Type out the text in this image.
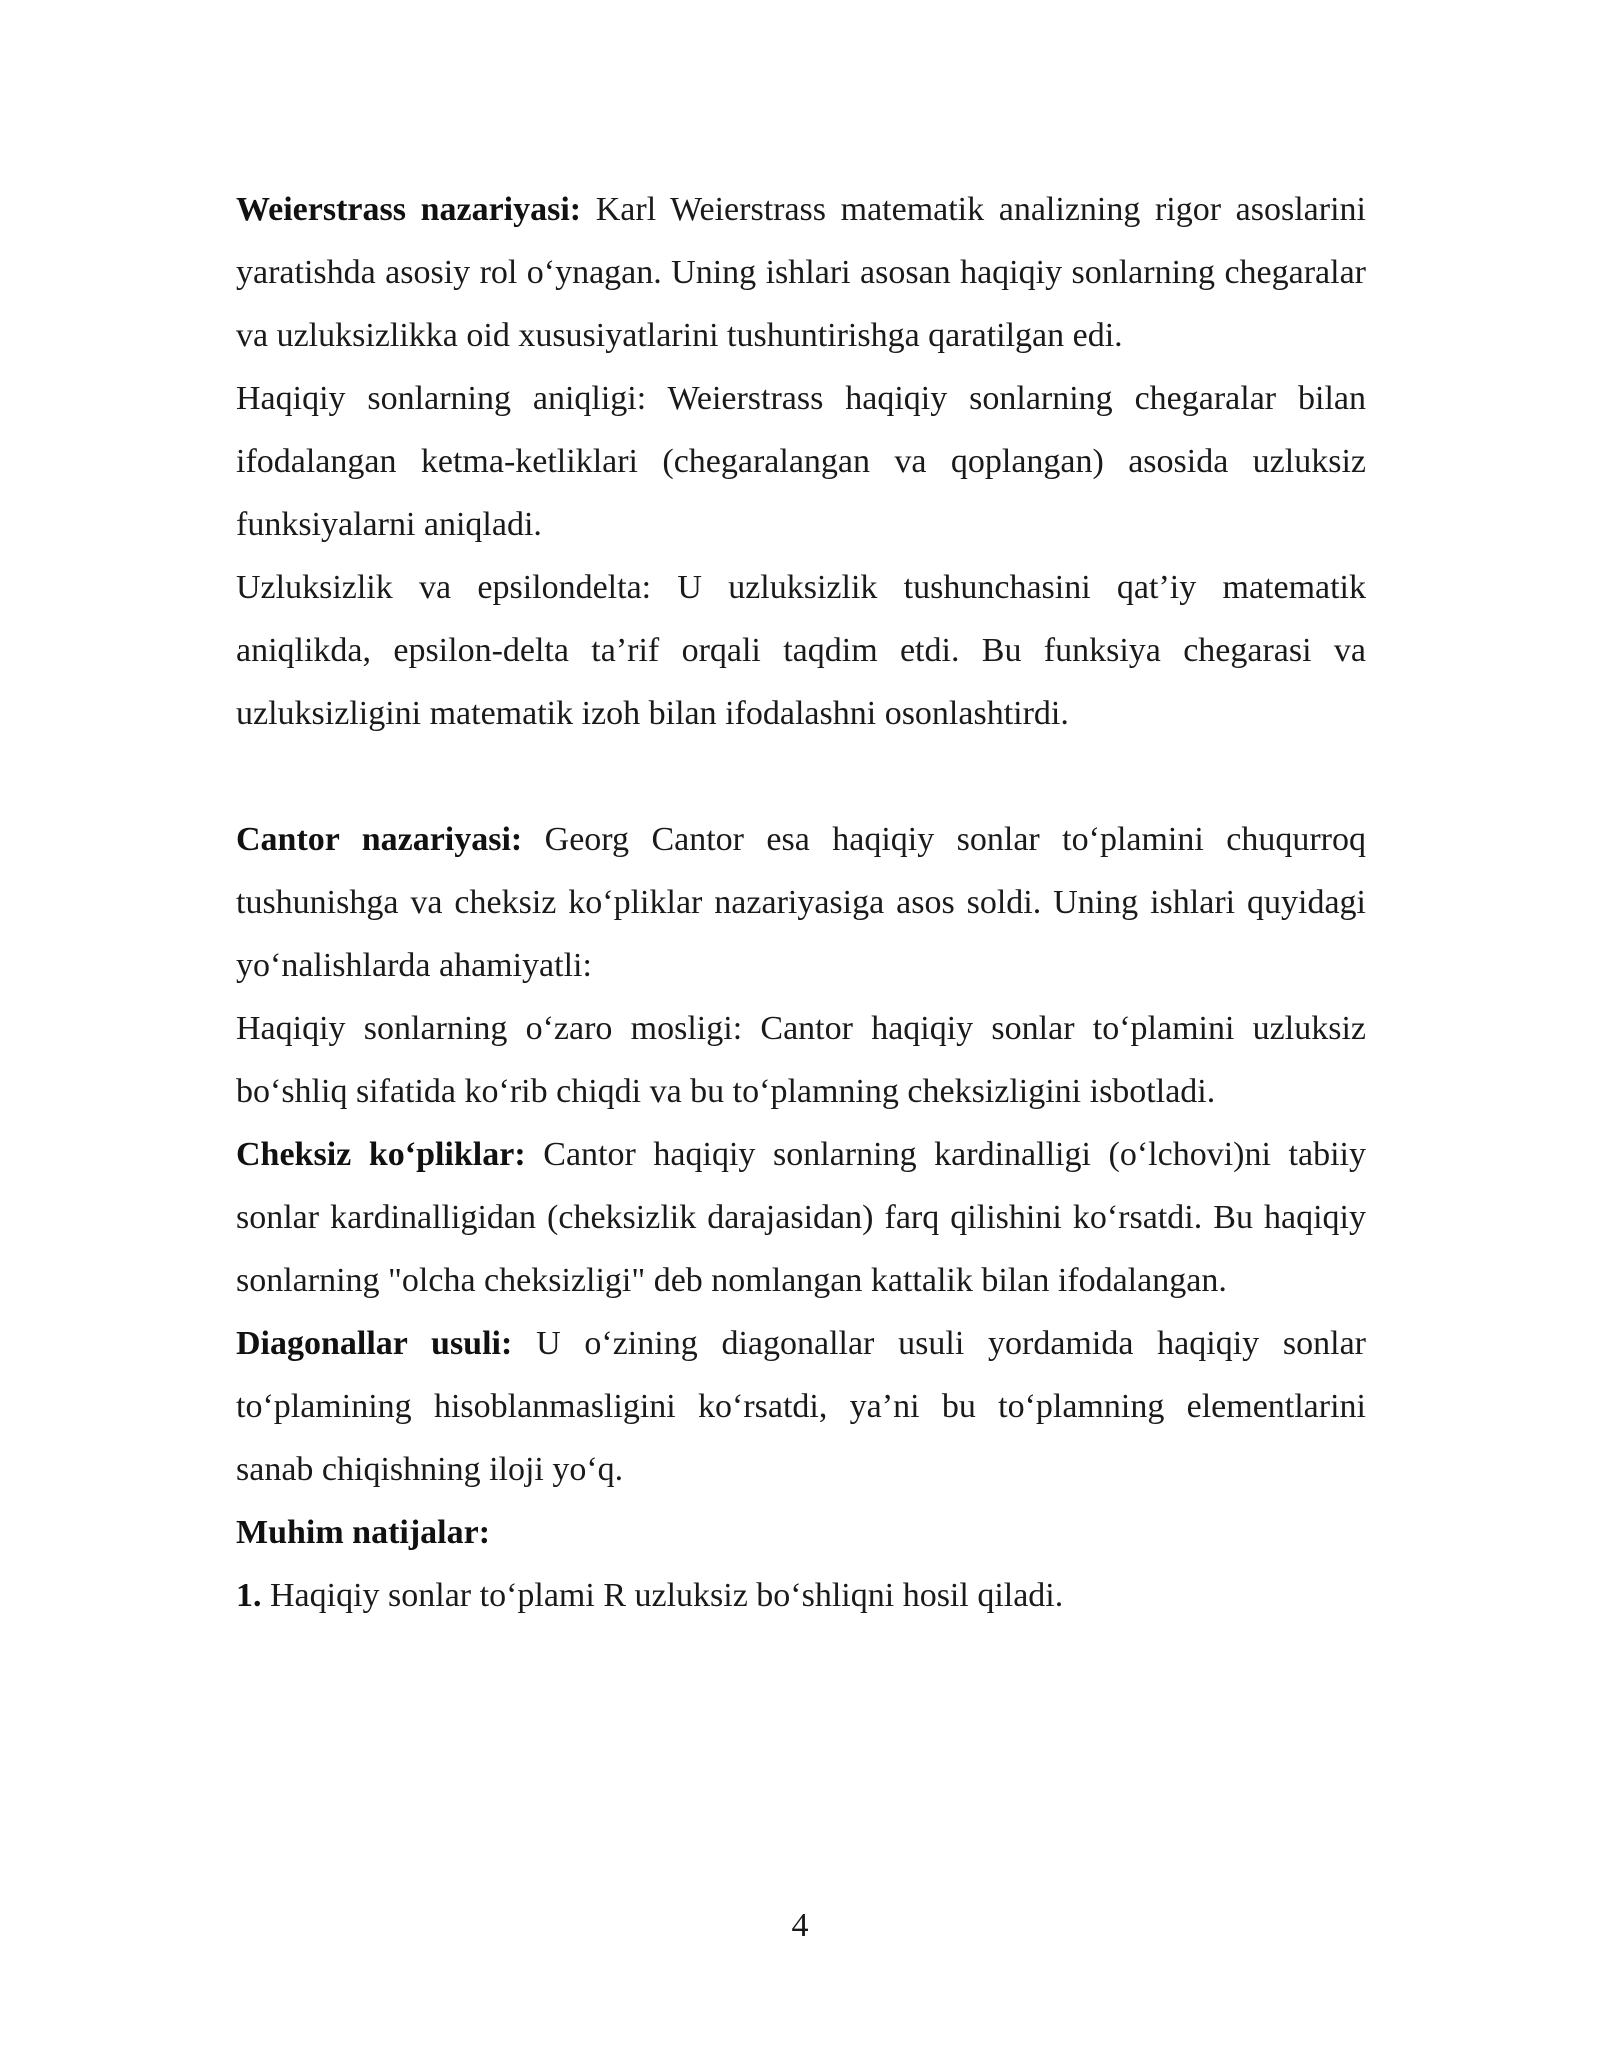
Weierstrass nazariyasi: Karl Weierstrass matematik analizning rigor asoslarini yaratishda asosiy rol o‘ynagan. Uning ishlari asosan haqiqiy sonlarning chegaralar va uzluksizlikka oid xususiyatlarini tushuntirishga qaratilgan edi.

Haqiqiy sonlarning aniqligi: Weierstrass haqiqiy sonlarning chegaralar bilan ifodalangan ketma-ketliklari (chegaralangan va qoplangan) asosida uzluksiz funksiyalarni aniqladi.

Uzluksizlik va epsilondelta: U uzluksizlik tushunchasini qat’iy matematik aniqlikda, epsilon-delta ta’rif orqali taqdim etdi. Bu funksiya chegarasi va uzluksizligini matematik izoh bilan ifodalashni osonlashtirdi.

Cantor nazariyasi: Georg Cantor esa haqiqiy sonlar to‘plamini chuqurroq tushunishga va cheksiz ko‘pliklar nazariyasiga asos soldi. Uning ishlari quyidagi yo‘nalishlarda ahamiyatli:

Haqiqiy sonlarning o‘zaro mosligi: Cantor haqiqiy sonlar to‘plamini uzluksiz bo‘shliq sifatida ko‘rib chiqdi va bu to‘plamning cheksizligini isbotladi.

Cheksiz ko‘pliklar: Cantor haqiqiy sonlarning kardinalligi (o‘lchovi)ni tabiiy sonlar kardinalligidan (cheksizlik darajasidan) farq qilishini ko‘rsatdi. Bu haqiqiy sonlarning "olcha cheksizligi" deb nomlangan kattalik bilan ifodalangan.

Diagonallar usuli: U o‘zining diagonallar usuli yordamida haqiqiy sonlar to‘plamining hisoblanmasligini ko‘rsatdi, ya’ni bu to‘plamning elementlarini sanab chiqishning iloji yo‘q.

Muhim natijalar:

1. Haqiqiy sonlar to‘plami R uzluksiz bo‘shliqni hosil qiladi.

4
